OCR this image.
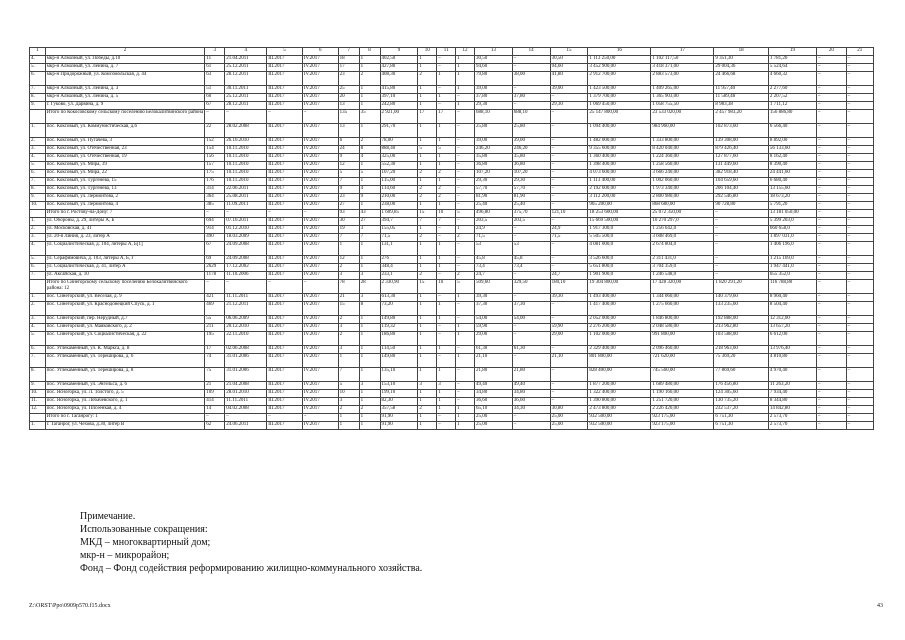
1	2	3	4	5	6	7	8	9	10	11	12	13	14	15	16	17	18	19	20	21
4.	мкр-н Алмазный, ул. Победы, д.10	11	21.04.2011	III.2017	IV.2017	18	1	402,50	1	–	1	30,50	–	30,50	1 113 250,00	1 102 117,50	9 351,30	1 781,20	–	–
5.	мкр-н Алмазный, ул. Ленина, д. 7	61	25.12.2011	III.2017	IV.2017	17	1	427,80	1	–	1	94,60	–	94,60	3 452 900,00	3 418 371,00	29 004,36	5 524,64	–	–
6.	мкр-н Придорожный, ул. Комсомольская, д. 44	63	28.12.2011	III.2017	IV.2017	23	2	408,30	2	1	1	79,80	38,00	41,80	2 912 700,00	2 883 573,00	24 466,68	4 660,32	–	–
7.	мкр-н Алмазный, ул. Ленина, д. 3	51	30.11.2011	III.2017	IV.2017	25	1	415,80	1	–	1	39,00	–	39,00	1 423 500,00	1 409 265,00	11 957,40	2 277,60	–	–
8.	мкр-н Алмазный, ул. Ленина, д. 5	60	25.12.2011	III.2017	IV.2017	20	1	397,10	1	1	–	37,80	37,80	–	1 379 700,00	1 365 903,00	11 589,48	2 207,52	–	–
9.	г. Гуково, ул. Дарвина, д. 9	67	28.12.2011	III.2017	IV.2017	13	1	242,80	1	–	1	29,30	–	29,30	1 069 450,00	1 058 755,50	8 983,38	1 711,12	–	–
	Итого по Кокосовскому сельскому поселению Белокалитвинского района	–	–	–	–	135	35	2 921,00	17	17	–	688,10	688,10	–	25 147 800,00	23 533 020,00	2 457 983,20	156 886,80	–	–
1.	пос. Коксовый, ул. Коммунистическая, д.6	22	28.02.2008	III.2017	IV.2017	13	1	291,70	1	1	–	25,80	25,80	–	1 094 400,00	984 960,00	102 873,60	6 566,40	–	–
2.	пос. Коксовый, ул. Пугачева, 3	152	26.10.2010	III.2017	IV.2017	6	2	78,00	1	1	–	39,00	39,00	–	1 482 000,00	1 333 800,00	139 308,00	8 892,00	–	–
3.	пос. Коксовый, ул. Отечественная, 23	154	10.11.2010	III.2017	IV.2017	24	8	888,40	5	5	–	246,20	246,20	–	9 355 600,00	8 420 040,00	879 426,40	56 133,60	–	–
4.	пос. Коксовый, ул. Отечественная, 19	156	10.11.2010	III.2017	IV.2017	9	4	325,00	1	1	–	35,80	35,80	–	1 360 400,00	1 224 360,00	127 877,60	8 162,40	–	–
5.	пос. Коксовый, ул. Мира, 39	157	10.11.2010	III.2017	IV.2017	12	1	552,30	1	1	–	36,80	36,80	–	1 398 400,00	1 258 560,00	131 449,60	8 390,40	–	–
6.	пос. Коксовый, ул. Мира, 22	175	10.11.2010	III.2017	IV.2017	5	5	107,20	2	2	–	107,20	107,20	–	4 073 600,00	3 666 240,00	382 918,40	24 441,60	–	–
7.	пос. Коксовый, ул. Тургенева, 15	176	10.11.2010	III.2017	IV.2017	7	1	115,00	1	1	–	29,30	29,30	–	1 113 400,00	1 002 060,00	104 659,60	6 680,40	–	–
8.	пос. Коксовый, ул. Тургенева, 13	314	22.06.2011	III.2017	IV.2017	9	4	114,60	2	2	–	57,70	57,70	–	2 192 600,00	1 973 340,00	206 104,40	13 155,60	–	–
9.	пос. Коксовый, ул. Лермонтова, 2	364	25.08.2011	III.2017	IV.2017	23	9	210,00	2	2	–	81,90	81,90	–	3 112 200,00	2 800 980,00	292 546,80	18 673,20	–	–
10.	пос. Коксовый, ул. Лермонтова, 4	385	11.09.2011	III.2017	IV.2017	27	1	238,00	1	1	–	25,40	25,40	–	965 200,00	868 680,00	90 728,80	5 791,20	–	–
	Итого по г. Ростову-на-Дону: 7	–	–	–	–	93	43	1 609,85	15	10	5	496,80	375,70	121,10	18 253 600,00	25 072 350,00	–	13 181 050,00	–	–
1.	ул. Обороны, д. 29, литеры А, Б	694	07.10.2011	III.2017	IV.2017	30	27	394,7	7	7	–	203,5	203,5	–	15 669 500,00	10 270 297,0	–	5 399 203,0	–	–
2.	ул. Московская, д. 41	914	01.12.2010	III.2017	IV.2017	19	3	155,05	1	–	1	24,9	–	24,9	1 917 300,0	1 256 642,0	–	660 658,0	–	–
3.	ул. 20-я Линия, д. 23, литер А	490	18.03.2009	III.2017	IV.2017	7	7	71,5	2	–	2	71,5	–	71,5	5 505 500,0	3 608 469,0	–	1 897 031,0	–	–
4.	ул. Социалистическая, д. 104, литеры А, Б[1]	67	24.09.2008	III.2017	IV.2017	1	1	131,1	1	1	–	53	53	–	4 081 000,0	2 674 804,0	–	1 406 196,0	–	–
5.	ул. Серафимовича, д. 103, литеры А, Б, Г	69	24.09.2008	III.2017	IV.2017	12	1	276	1	1	–	45,8	45,8	–	3 526 600,0	2 311 431,0	–	1 215 169,0	–	–
6.	ул. Социалистическая, д. 41, литер А	2629	17.12.2002	III.2017	IV.2017	2	1	348,4	1	1	–	73,4	73,4	–	5 651 800,0	3 704 359,0	–	1 947 441,0	–	–
7.	ул. Аксайская, д. 10	1178	11.10.2006	III.2017	IV.2017	3	3	233,1	2	–	2	24,7	–	24,7	1 901 900,0	1 246 548,0	–	655 352,0	–	–
	Итого по Синегорскому сельскому поселению Белокалитвинского района: 12	–	–	–	–	78	28	2 330,90	15	10	5	509,60	329,50	180,10	19 304 800,00	17 428 320,00	1 820 291,20	116 788,80	–	–
1.	пос. Синегорский, ул. Веселая, д. 9	421	11.11.2011	III.2017	IV.2017	21	3	613,30	1	–	1	39,30	–	39,30	1 493 400,00	1 344 060,00	140 379,60	8 960,40	–	–
2.	пос. Синегорский, ул. Краснодонецкий Спуск, д. 1	469	21.12.2011	III.2017	IV.2017	15	8	73,20	1	1	–	37,30	37,30	–	1 417 400,00	1 275 660,00	133 235,60	8 504,40	–	–
3.	пос. Синегорский, пер. Нерудный, д.7	55	06.06.2009	III.2017	IV.2017	2	1	149,80	1	1	–	54,00	54,00	–	2 052 000,00	1 846 800,00	192 888,00	12 312,00	–	–
4.	пос. Синегорский, ул. Маяковского, д. 2	211	20.12.2010	III.2017	IV.2017	3	1	119,32	1	–	1	59,90	–	59,90	2 276 200,00	2 048 580,00	213 962,80	13 657,20	–	–
5.	пос. Синегорский, ул. Социалистическая, д. 22	195	22.11.2010	III.2017	IV.2017	2	1	186,80	1	–	1	29,00	–	29,00	1 102 000,00	991 800,00	103 588,00	6 612,00	–	–
6.	пос. Углекаменный, ул. К. Маркса, д. 8	17	02.06.2008	III.2017	IV.2017	3	1	114,50	1	1	–	61,30	61,30	–	2 329 400,00	2 096 460,00	218 963,60	13 976,40	–	–
7.	пос. Углекаменный, ул. Тереширова, д. 6	74	31.01.2006	III.2017	IV.2017	1	1	149,80	1	–	1	21,10	–	21,10	801 800,00	721 620,00	75 369,20	4 810,80	–	–
8.	пос. Углекаменный, ул. Тереширова, д. 8	75	31.01.2006	III.2017	IV.2017	7	1	135,10	1	1	–	21,80	21,80	–	828 400,00	745 560,00	77 869,60	4 970,40	–	–
9.	пос. Углекаменный, ул. Энгельса, д. 6	21	21.04.2008	III.2017	IV.2017	5	3	153,10	3	3	–	49,40	49,40	–	1 877 200,00	1 689 480,00	176 456,80	11 263,20	–	–
10.	пос. Ясногорка, ул. Л. Толстого, д. 5	109	28.01.2010	III.2017	IV.2017	10	1	199,10	1	1	–	34,80	34,80	–	1 322 400,00	1 190 160,00	124 305,60	7 934,40	–	–
11.	пос. Ясногорка, ул. Лобачевского, д. 1	414	11.11.2011	III.2017	IV.2017	3	1	82,30	1	1	–	36,60	36,60	–	1 390 800,00	1 251 720,00	130 735,20	8 344,80	–	–
12.	пос. Ясногорка, ул. Ппсеенкая, д. 4	14	04.02.2008	III.2017	IV.2017	2	2	357,58	2	1	1	65,10	34,30	30,80	2 473 800,00	2 226 420,00	232 537,20	14 842,80	–	–
	Итого по г. Таганрогу: 1	–	–	–	–	1	1	91,90	1	–	1	25,00	–	25,00	932 500,00	923 175,00	6 751,30	2 573,70	–	–
1.	г. Таганрог, ул. Чехова, д.30, литер В	62	24.06.2011	III.2017	IV.2017	1	1	91,90	1	–	1	25,00	–	25,00	932 500,00	923 175,00	6 751,30	2 573,70	–	–
Примечание.
Использованные сокращения:
МКД – многоквартирный дом;
мкр-н – микрорайон;
Фонд – Фонд содействия реформированию жилищно-коммунального хозяйства.
Z:\ORST\Ppo\0909p570.f15.docx	43
